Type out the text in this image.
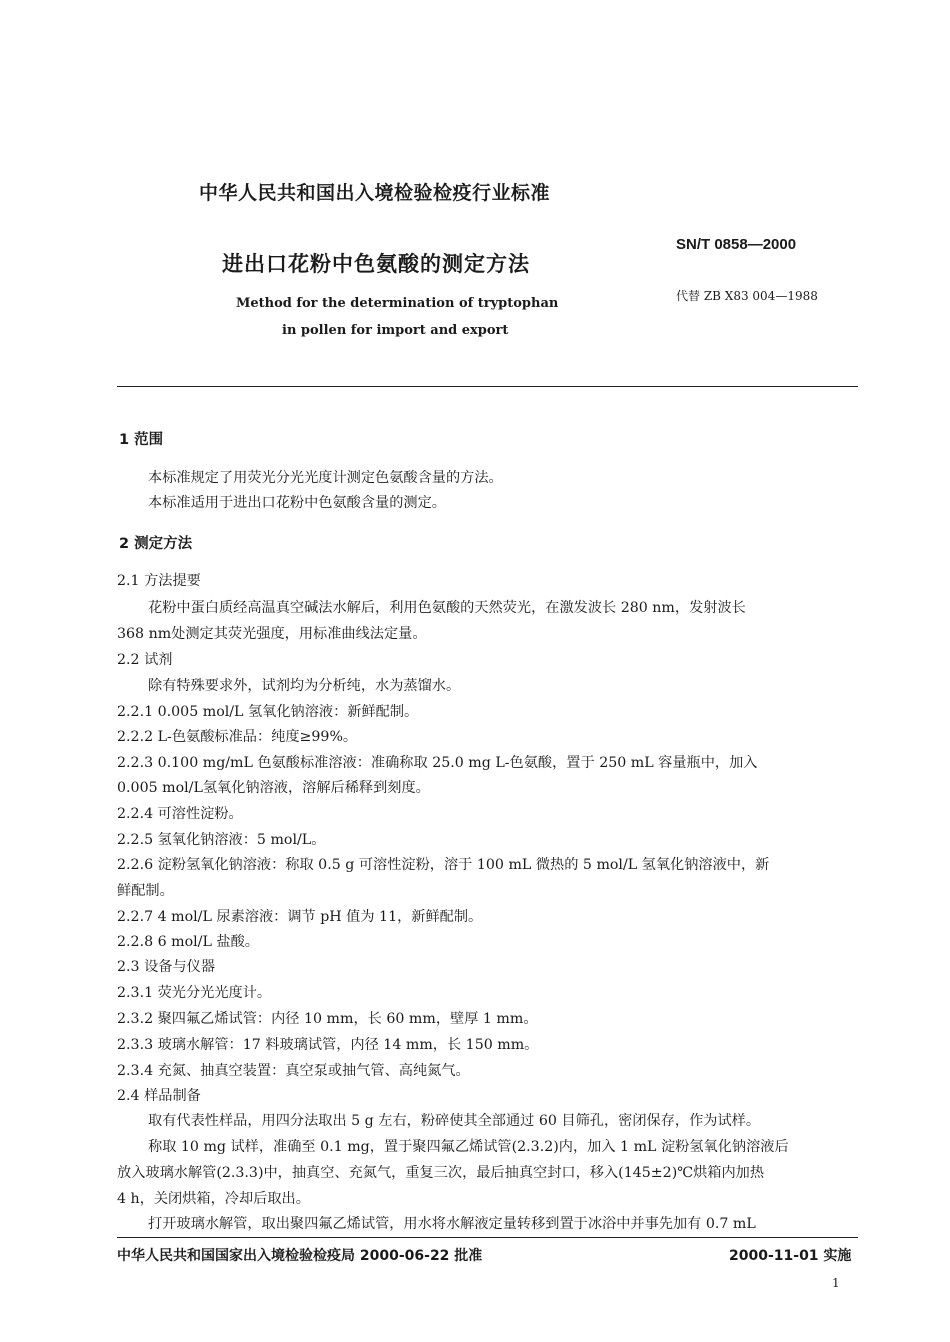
中华人民共和国出入境检验检疫行业标准
进出口花粉中色氨酸的测定方法
Method for the determination of tryptophan
in pollen for import and export
SN/T 0858—2000
代替 ZB X83 004—1988
1 范围
本标准规定了用荧光分光光度计测定色氨酸含量的方法。
本标准适用于进出口花粉中色氨酸含量的测定。
2 测定方法
2.1 方法提要
花粉中蛋白质经高温真空碱法水解后，利用色氨酸的天然荧光，在激发波长 280 nm，发射波长
368 nm处测定其荧光强度，用标准曲线法定量。
2.2 试剂
除有特殊要求外，试剂均为分析纯，水为蒸馏水。
2.2.1 0.005 mol/L 氢氧化钠溶液：新鲜配制。
2.2.2 L-色氨酸标准品：纯度≥99%。
2.2.3 0.100 mg/mL 色氨酸标准溶液：准确称取 25.0 mg L-色氨酸，置于 250 mL 容量瓶中，加入
0.005 mol/L氢氧化钠溶液，溶解后稀释到刻度。
2.2.4 可溶性淀粉。
2.2.5 氢氧化钠溶液：5 mol/L。
2.2.6 淀粉氢氧化钠溶液：称取 0.5 g 可溶性淀粉，溶于 100 mL 微热的 5 mol/L 氢氧化钠溶液中，新
鲜配制。
2.2.7 4 mol/L 尿素溶液：调节 pH 值为 11，新鲜配制。
2.2.8 6 mol/L 盐酸。
2.3 设备与仪器
2.3.1 荧光分光光度计。
2.3.2 聚四氟乙烯试管：内径 10 mm，长 60 mm，壁厚 1 mm。
2.3.3 玻璃水解管：17 料玻璃试管，内径 14 mm，长 150 mm。
2.3.4 充氮、抽真空装置：真空泵或抽气管、高纯氮气。
2.4 样品制备
取有代表性样品，用四分法取出 5 g 左右，粉碎使其全部通过 60 目筛孔，密闭保存，作为试样。
称取 10 mg 试样，准确至 0.1 mg，置于聚四氟乙烯试管(2.3.2)内，加入 1 mL 淀粉氢氧化钠溶液后
放入玻璃水解管(2.3.3)中，抽真空、充氮气，重复三次，最后抽真空封口，移入(145±2)℃烘箱内加热
4 h，关闭烘箱，冷却后取出。
打开玻璃水解管，取出聚四氟乙烯试管，用水将水解液定量转移到置于冰浴中并事先加有 0.7 mL
中华人民共和国国家出入境检验检疫局 2000-06-22 批准	2000-11-01 实施
1
